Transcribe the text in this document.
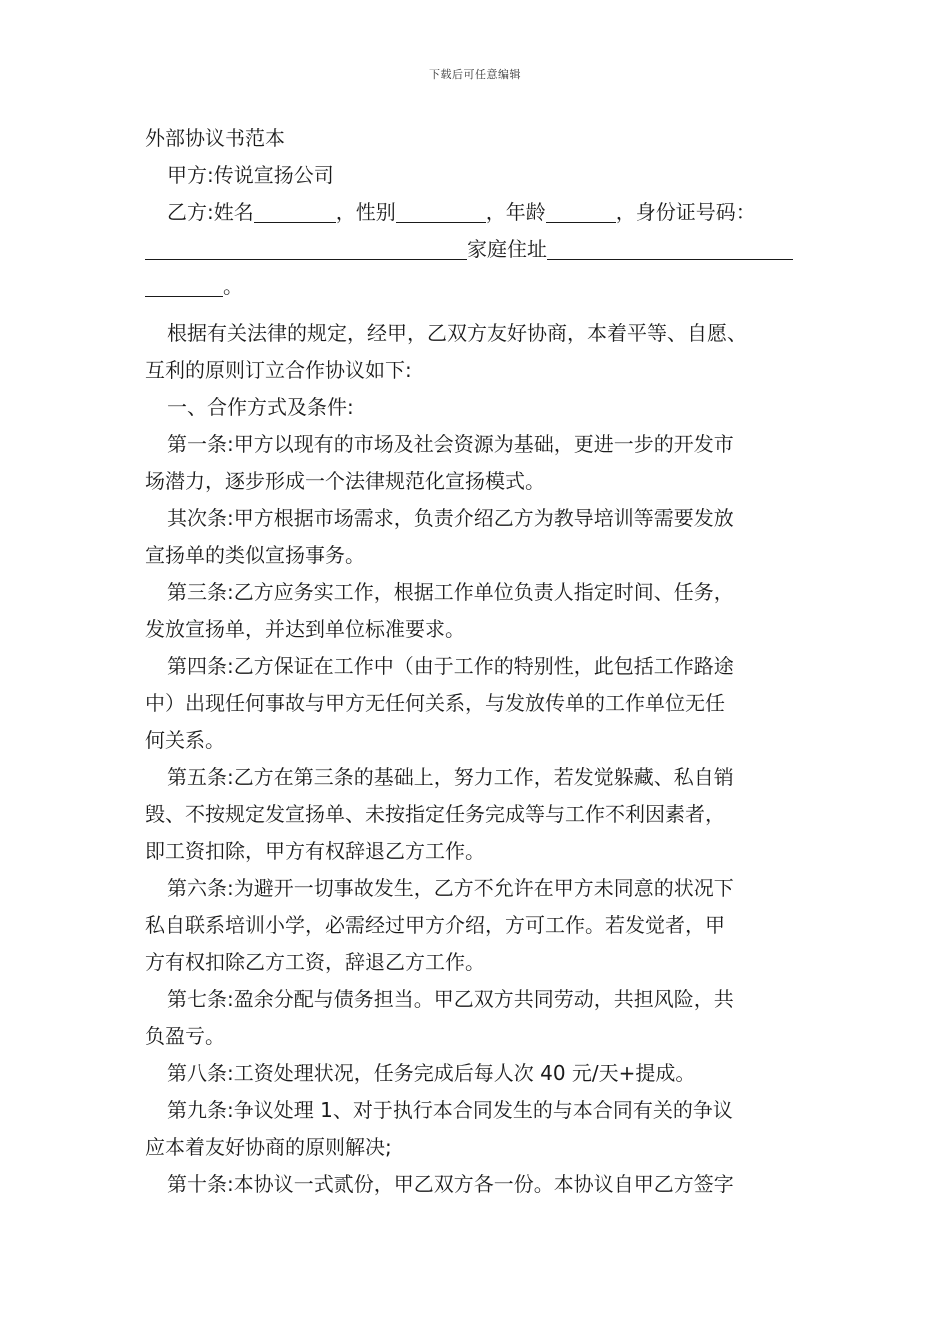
下载后可任意编辑
外部协议书范本
甲方:传说宣扬公司
乙方:姓名	，性别	，年龄	，身份证号码：
家庭住址
。
根据有关法律的规定，经甲，乙双方友好协商，本着平等、自愿、
互利的原则订立合作协议如下:
一、合作方式及条件:
第一条:甲方以现有的市场及社会资源为基础，更进一步的开发市
场潜力，逐步形成一个法律规范化宣扬模式。
其次条:甲方根据市场需求，负责介绍乙方为教导培训等需要发放
宣扬单的类似宣扬事务。
第三条:乙方应务实工作，根据工作单位负责人指定时间、任务，
发放宣扬单，并达到单位标准要求。
第四条:乙方保证在工作中（由于工作的特别性，此包括工作路途
中）出现任何事故与甲方无任何关系，与发放传单的工作单位无任
何关系。
第五条:乙方在第三条的基础上，努力工作，若发觉躲藏、私自销
毁、不按规定发宣扬单、未按指定任务完成等与工作不利因素者，
即工资扣除，甲方有权辞退乙方工作。
第六条:为避开一切事故发生，乙方不允许在甲方未同意的状况下
私自联系培训小学，必需经过甲方介绍，方可工作。若发觉者，甲
方有权扣除乙方工资，辞退乙方工作。
第七条:盈余分配与债务担当。甲乙双方共同劳动，共担风险，共
负盈亏。
第八条:工资处理状况，任务完成后每人次 40 元/天+提成。
第九条:争议处理 1、对于执行本合同发生的与本合同有关的争议
应本着友好协商的原则解决;
第十条:本协议一式贰份，甲乙双方各一份。本协议自甲乙方签字
